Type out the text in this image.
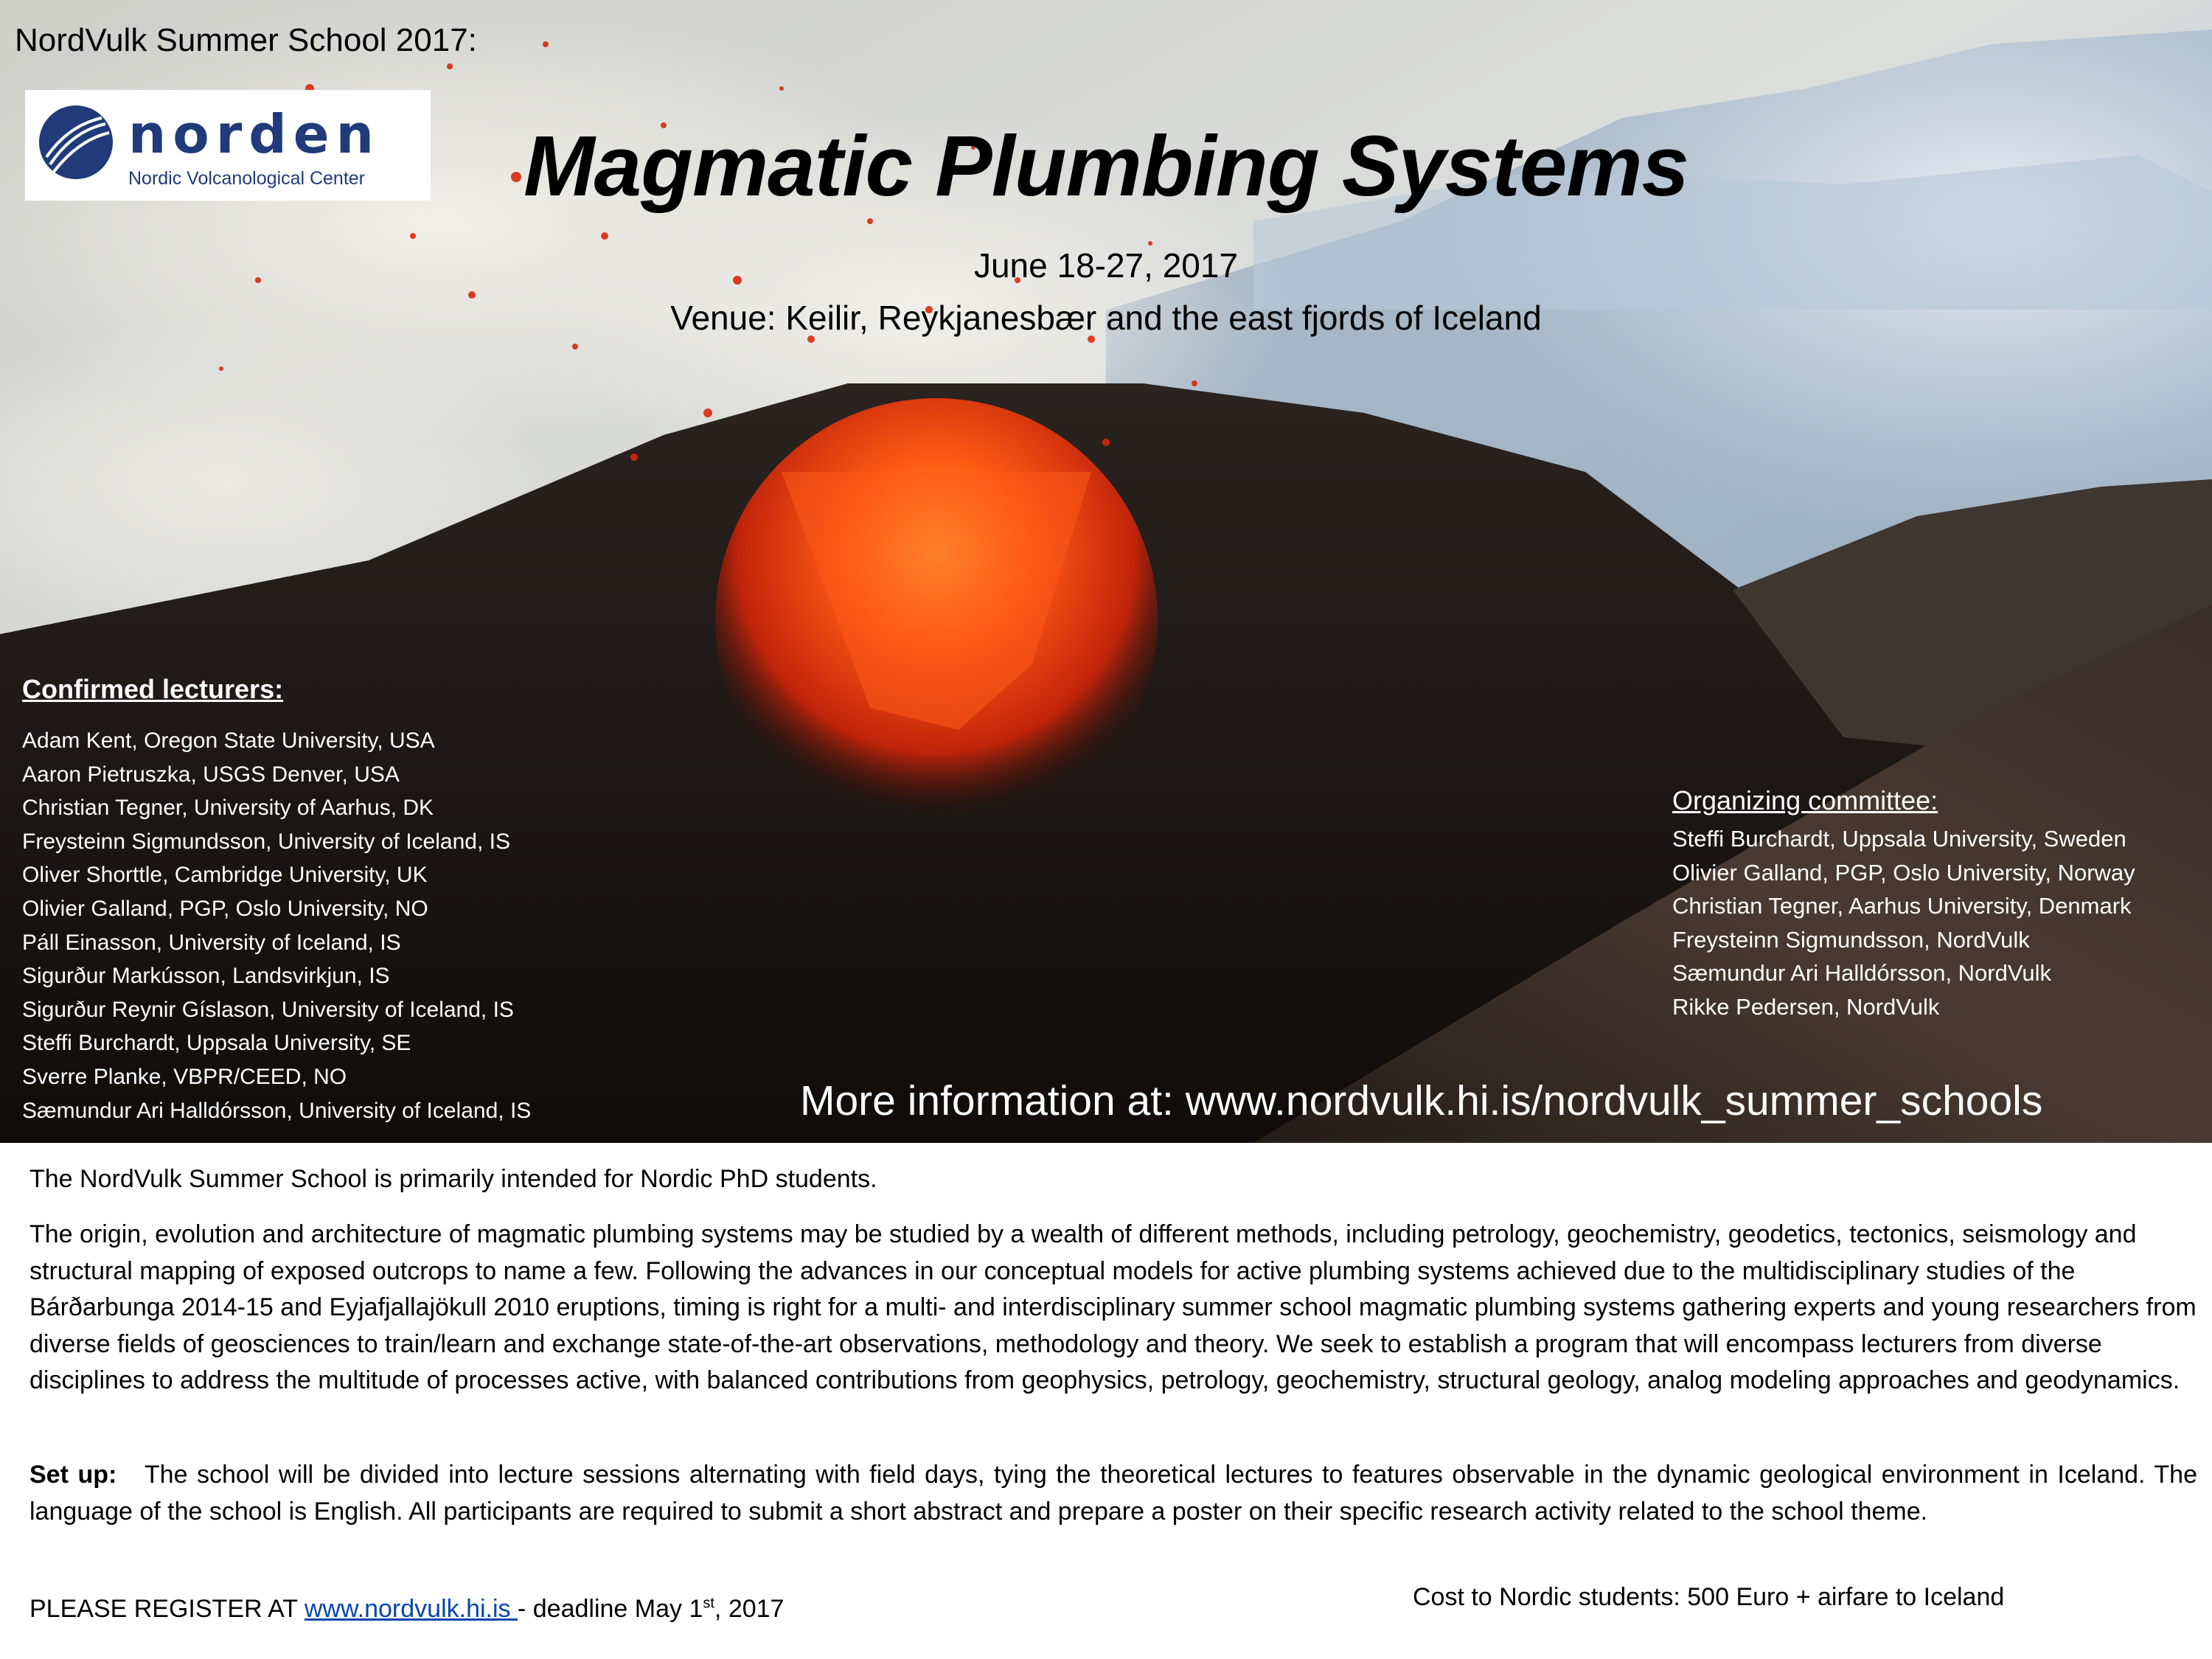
NordVulk Summer School 2017:

norden
Nordic Volcanological Center Magmatic Plumbing Systems

June 18-27, 2017

Venue: Keilir, Reykjanesbær and the east fjords of Iceland

Confirmed lecturers:

Adam Kent, Oregon State University, USA
Aaron Pietruszka, USGS Denver, USA
Christian Tegner, University of Aarhus, DK
Freysteinn Sigmundsson, University of Iceland, IS
Oliver Shorttle, Cambridge University, UK
Olivier Galland, PGP, Oslo University, NO
Páll Einasson, University of Iceland, IS
Sigurður Markússon, Landsvirkjun, IS
Sigurður Reynir Gíslason, University of Iceland, IS
Steffi Burchardt, Uppsala University, SE
Sverre Planke, VBPR/CEED, NO
Sæmundur Ari Halldórsson, University of Iceland, IS

Organizing committee:

Steffi Burchardt, Uppsala University, Sweden
Olivier Galland, PGP, Oslo University, Norway
Christian Tegner, Aarhus University, Denmark
Freysteinn Sigmundsson, NordVulk
Sæmundur Ari Halldórsson, NordVulk
Rikke Pedersen, NordVulk

More information at: www.nordvulk.hi.is/nordvulk_summer_schools

The NordVulk Summer School is primarily intended for Nordic PhD students.

The origin, evolution and architecture of magmatic plumbing systems may be studied by a wealth of different methods, including petrology, geochemistry, geodetics, tectonics, seismology and structural mapping of exposed outcrops to name a few. Following the advances in our conceptual models for active plumbing systems achieved due to the multidisciplinary studies of the Bárðarbunga 2014-15 and Eyjafjallajökull 2010 eruptions, timing is right for a multi- and interdisciplinary summer school magmatic plumbing systems gathering experts and young researchers from diverse fields of geosciences to train/learn and exchange state-of-the-art observations, methodology and theory. We seek to establish a program that will encompass lecturers from diverse disciplines to address the multitude of processes active, with balanced contributions from geophysics, petrology, geochemistry, structural geology, analog modeling approaches and geodynamics.

Set up: The school will be divided into lecture sessions alternating with field days, tying the theoretical lectures to features observable in the dynamic geological environment in Iceland. The language of the school is English. All participants are required to submit a short abstract and prepare a poster on their specific research activity related to the school theme.

PLEASE REGISTER AT www.nordvulk.hi.is - deadline May 1st, 2017	Cost to Nordic students: 500 Euro + airfare to Iceland
